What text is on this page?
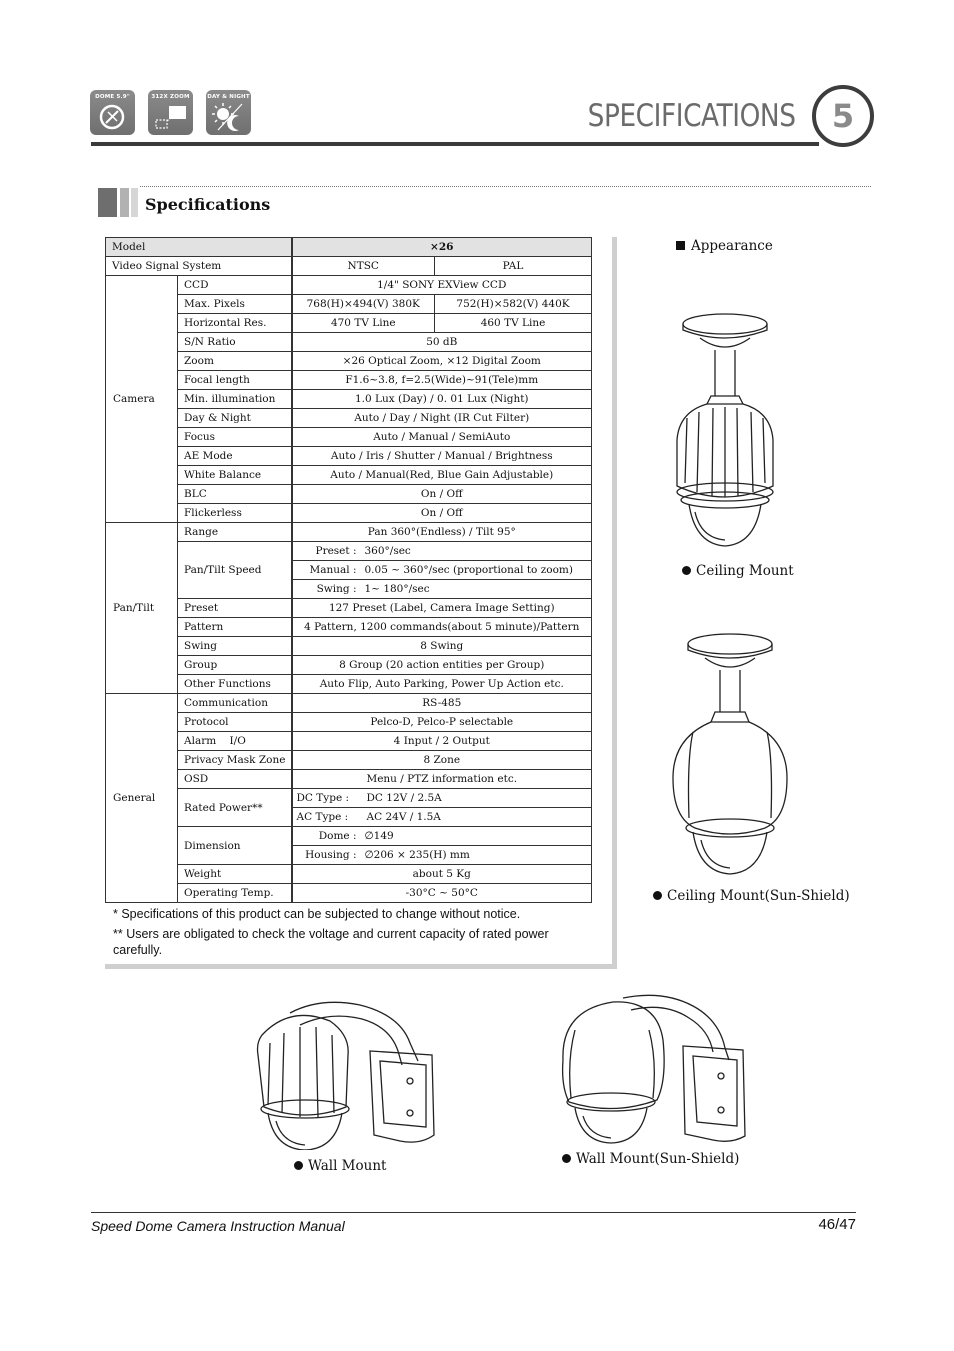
DOME 5.9"	312X ZOOM	DAY & NIGHT
SPECIFICATIONS	5
Specifications
Model		×26	
Video Signal System		NTSC	PAL
Camera	CCD	1/4" SONY EXView CCD	
	Max. Pixels	768(H)×494(V) 380K	752(H)×582(V) 440K
	Horizontal Res.	470 TV Line	460 TV Line
	S/N Ratio	50 dB	
	Zoom	×26 Optical Zoom, ×12 Digital Zoom	
	Focal length	F1.6~3.8, f=2.5(Wide)~91(Tele)mm	
	Min. illumination	1.0 Lux (Day) / 0. 01 Lux (Night)	
	Day & Night	Auto / Day / Night (IR Cut Filter)	
	Focus	Auto / Manual / SemiAuto	
	AE Mode	Auto / Iris / Shutter / Manual / Brightness	
	White Balance	Auto / Manual(Red, Blue Gain Adjustable)	
	BLC	On / Off	
	Flickerless	On / Off	
Pan/Tilt	Range	Pan 360°(Endless) / Tilt 95°	
	Pan/Tilt Speed	Preset : 360°/sec	
		Manual : 0.05 ~ 360°/sec (proportional to zoom)	
		Swing : 1~ 180°/sec	
	Preset	127 Preset (Label, Camera Image Setting)	
	Pattern	4 Pattern, 1200 commands(about 5 minute)/Pattern	
	Swing	8 Swing	
	Group	8 Group (20 action entities per Group)	
	Other Functions	Auto Flip, Auto Parking, Power Up Action etc.	
General	Communication	RS-485	
	Protocol	Pelco-D, Pelco-P selectable	
	Alarm    I/O	4 Input / 2 Output	
	Privacy Mask Zone	8 Zone	
	OSD	Menu / PTZ information etc.	
	Rated Power**	DC Type : DC 12V / 2.5A	
		AC Type : AC 24V / 1.5A	
	Dimension	Dome : ∅149	
		Housing : ∅206 × 235(H) mm	
	Weight	about 5 Kg	
	Operating Temp.	-30°C ~ 50°C	
* Specifications of this product can be subjected to change without notice.
** Users are obligated to check the voltage and current capacity of rated power
carefully.
Appearance
Ceiling Mount
Ceiling Mount(Sun-Shield)
Wall Mount	Wall Mount(Sun-Shield)
Speed Dome Camera Instruction Manual	46/47
